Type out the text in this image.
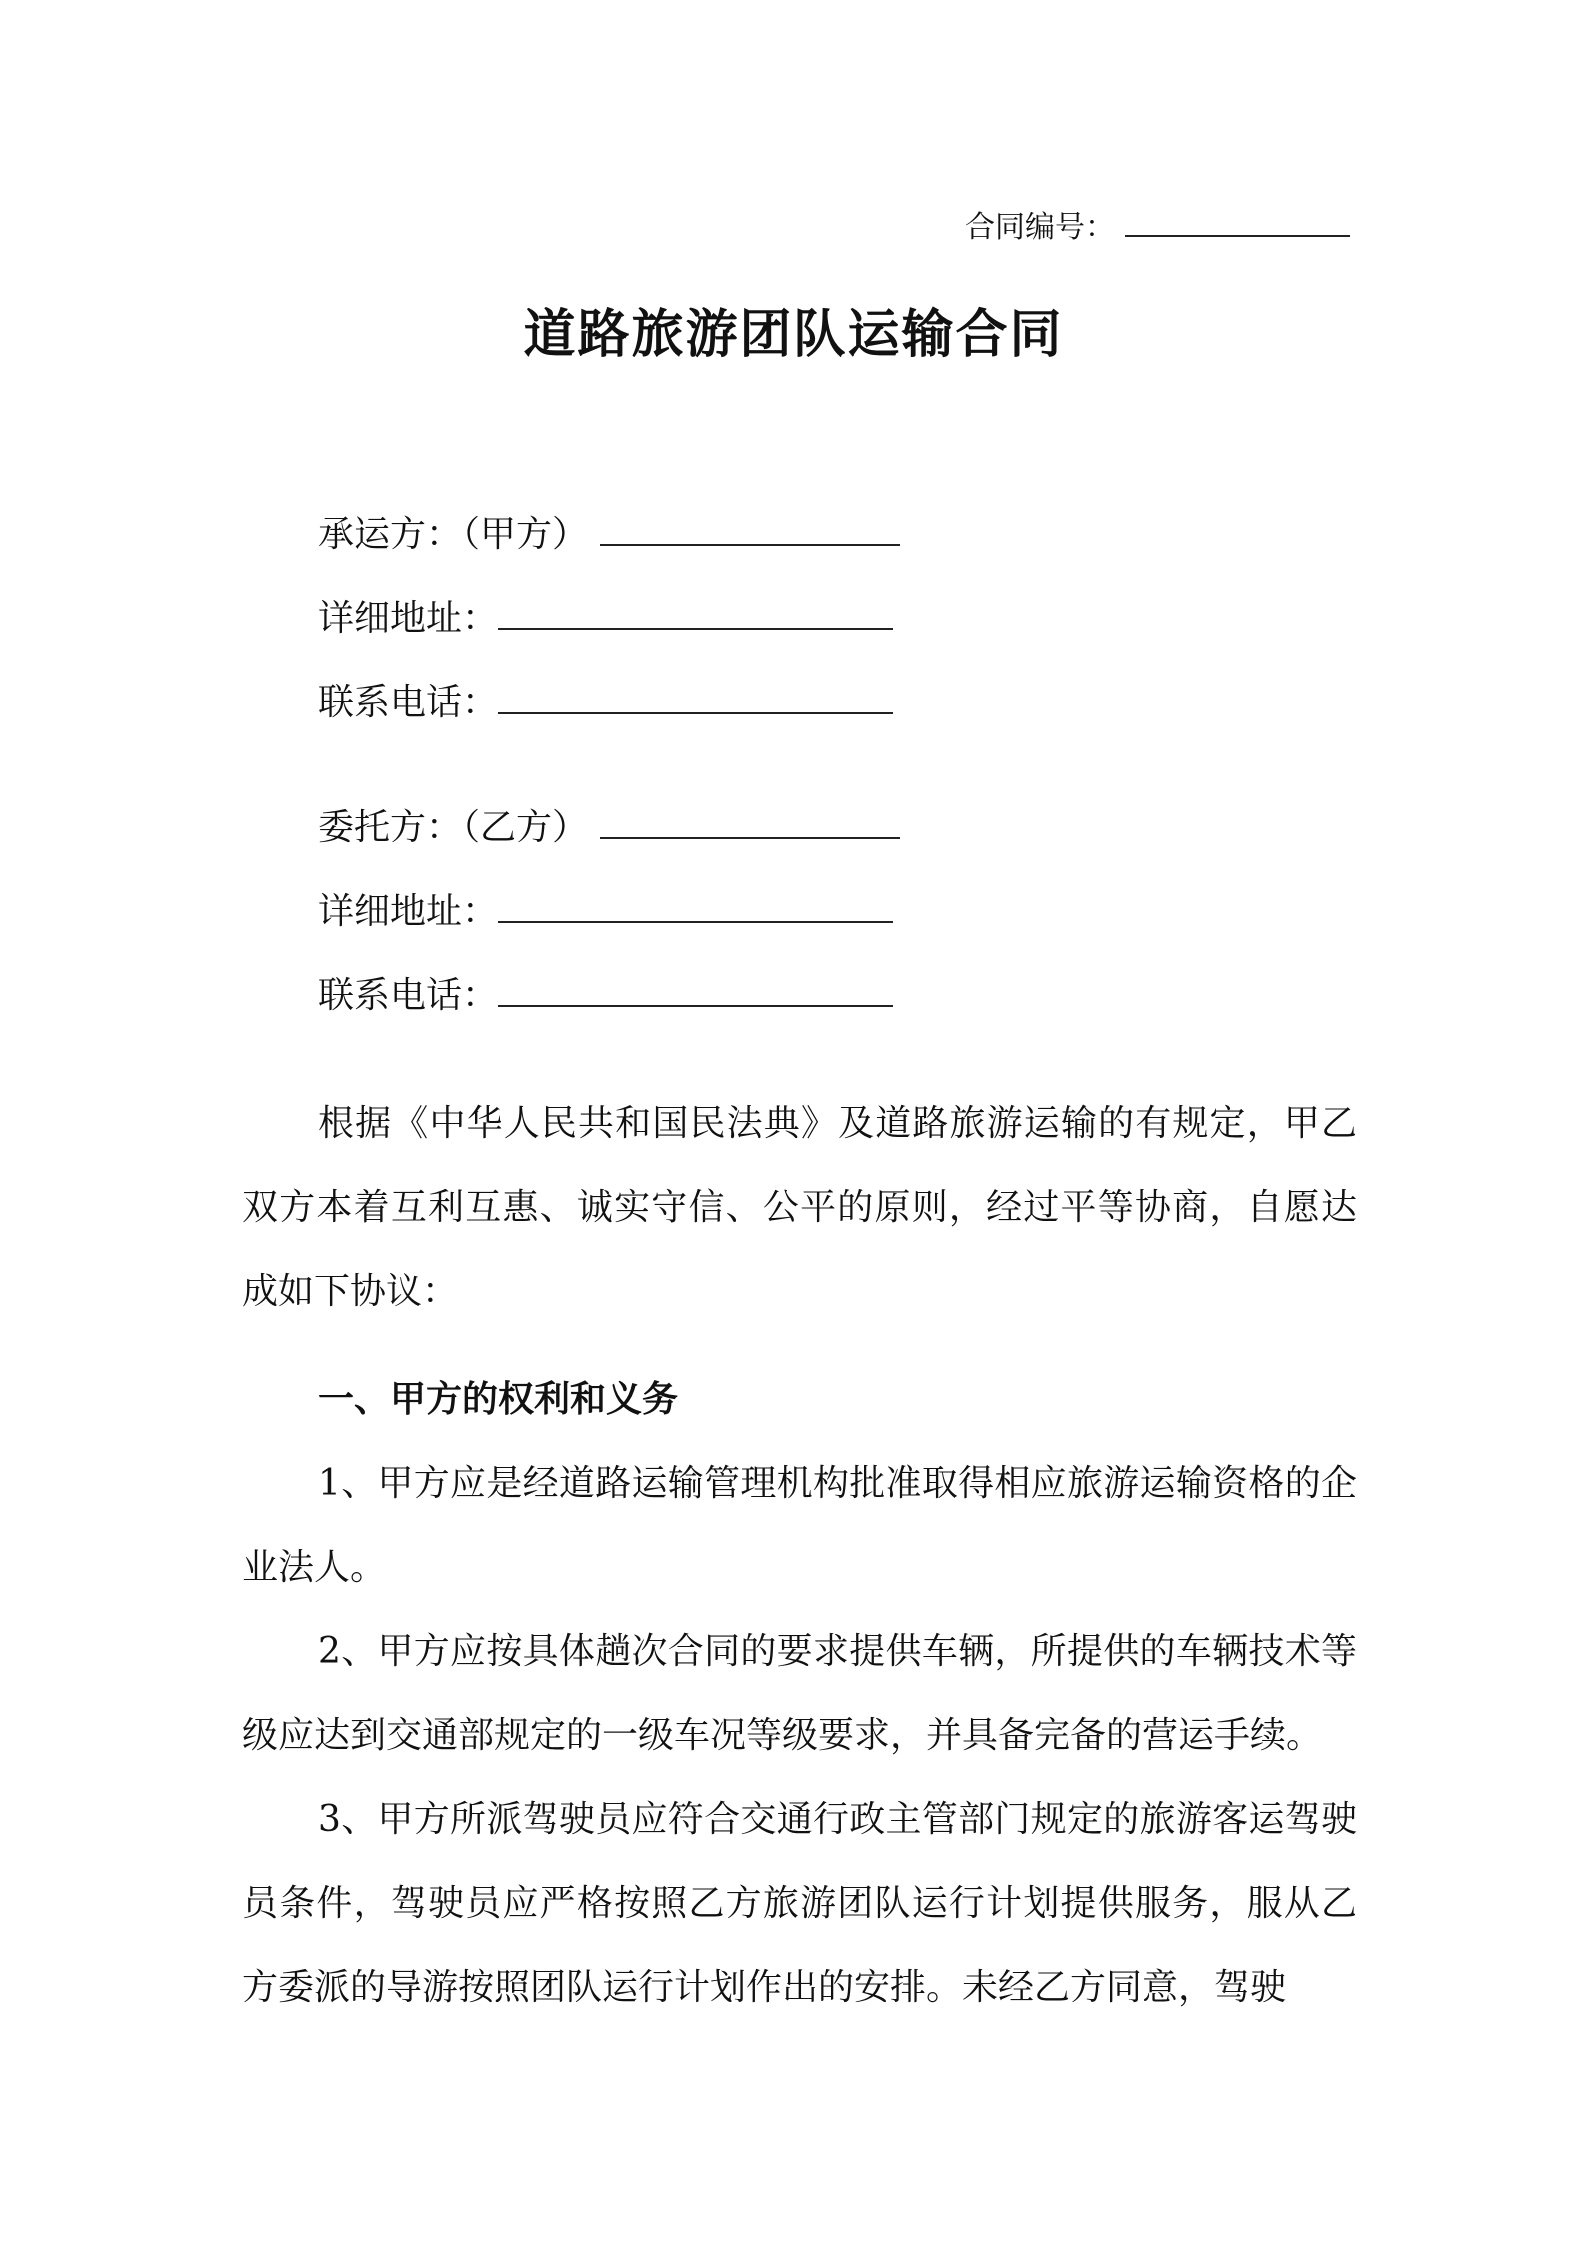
合同编号：
道路旅游团队运输合同
承运方：（甲方）
详细地址：
联系电话：
委托方：（乙方）
详细地址：
联系电话：

根据《中华人民共和国民法典》及道路旅游运输的有规定，甲乙双方本着互利互惠、诚实守信、公平的原则，经过平等协商，自愿达成如下协议：

一、甲方的权利和义务

1、甲方应是经道路运输管理机构批准取得相应旅游运输资格的企业法人。

2、甲方应按具体趟次合同的要求提供车辆，所提供的车辆技术等级应达到交通部规定的一级车况等级要求，并具备完备的营运手续。

3、甲方所派驾驶员应符合交通行政主管部门规定的旅游客运驾驶员条件，驾驶员应严格按照乙方旅游团队运行计划提供服务，服从乙方委派的导游按照团队运行计划作出的安排。未经乙方同意，驾驶
